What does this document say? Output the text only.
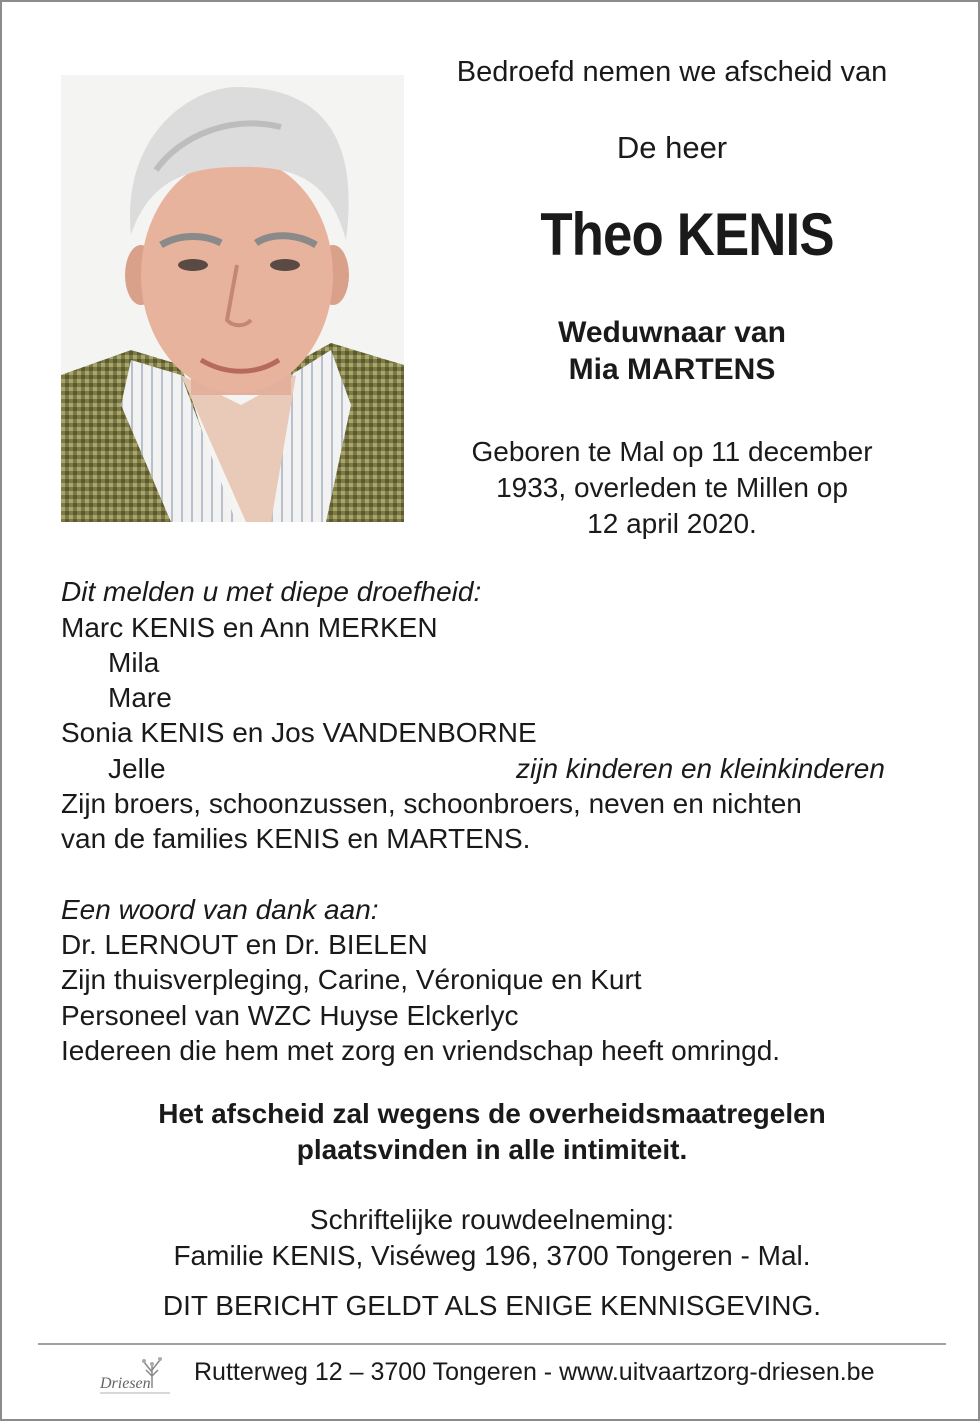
Bedroefd nemen we afscheid van
De heer
Theo KENIS
Weduwnaar van
Mia MARTENS
Geboren te Mal op 11 december
1933, overleden te Millen op
12 april 2020.
Dit melden u met diepe droefheid:
Marc KENIS en Ann MERKEN
Mila
Mare
Sonia KENIS en Jos VANDENBORNE
Jelle	zijn kinderen en kleinkinderen
Zijn broers, schoonzussen, schoonbroers, neven en nichten
van de families KENIS en MARTENS.
Een woord van dank aan:
Dr. LERNOUT en Dr. BIELEN
Zijn thuisverpleging, Carine, Véronique en Kurt
Personeel van WZC Huyse Elckerlyc
Iedereen die hem met zorg en vriendschap heeft omringd.
Het afscheid zal wegens de overheidsmaatregelen
plaatsvinden in alle intimiteit.
Schriftelijke rouwdeelneming:
Familie KENIS, Viséweg 196, 3700 Tongeren - Mal.
DIT BERICHT GELDT ALS ENIGE KENNISGEVING.
Driesen Rutterweg 12 – 3700 Tongeren - www.uitvaartzorg-driesen.be
